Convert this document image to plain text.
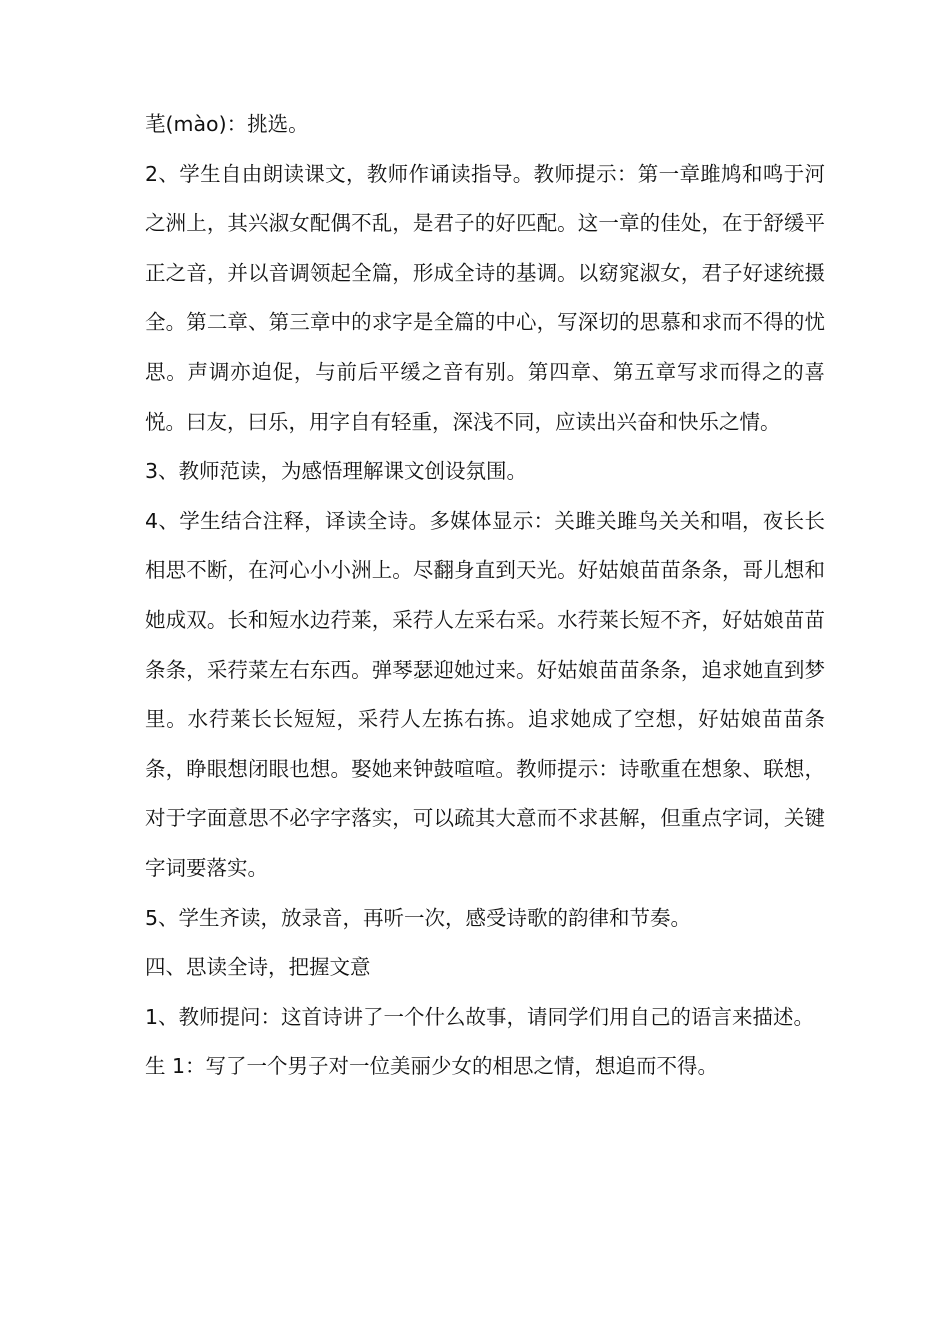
芼(mào)：挑选。

2、学生自由朗读课文，教师作诵读指导。教师提示：第一章雎鸠和鸣于河之洲上，其兴淑女配偶不乱，是君子的好匹配。这一章的佳处，在于舒缓平正之音，并以音调领起全篇，形成全诗的基调。以窈窕淑女，君子好逑统摄全。第二章、第三章中的求字是全篇的中心，写深切的思慕和求而不得的忧思。声调亦迫促，与前后平缓之音有别。第四章、第五章写求而得之的喜悦。曰友，曰乐，用字自有轻重，深浅不同，应读出兴奋和快乐之情。

3、教师范读，为感悟理解课文创设氛围。

4、学生结合注释，译读全诗。多媒体显示：关雎关雎鸟关关和唱，夜长长相思不断，在河心小小洲上。尽翻身直到天光。好姑娘苗苗条条，哥儿想和她成双。长和短水边荇莱，采荇人左采右采。水荇莱长短不齐，好姑娘苗苗条条，采荇菜左右东西。弹琴瑟迎她过来。好姑娘苗苗条条，追求她直到梦里。水荇莱长长短短，采荇人左拣右拣。追求她成了空想，好姑娘苗苗条条，睁眼想闭眼也想。娶她来钟鼓喧喧。教师提示：诗歌重在想象、联想，对于字面意思不必字字落实，可以疏其大意而不求甚解，但重点字词，关键字词要落实。

5、学生齐读，放录音，再听一次，感受诗歌的韵律和节奏。

四、思读全诗，把握文意

1、教师提问：这首诗讲了一个什么故事，请同学们用自己的语言来描述。

生 1：写了一个男子对一位美丽少女的相思之情，想追而不得。
